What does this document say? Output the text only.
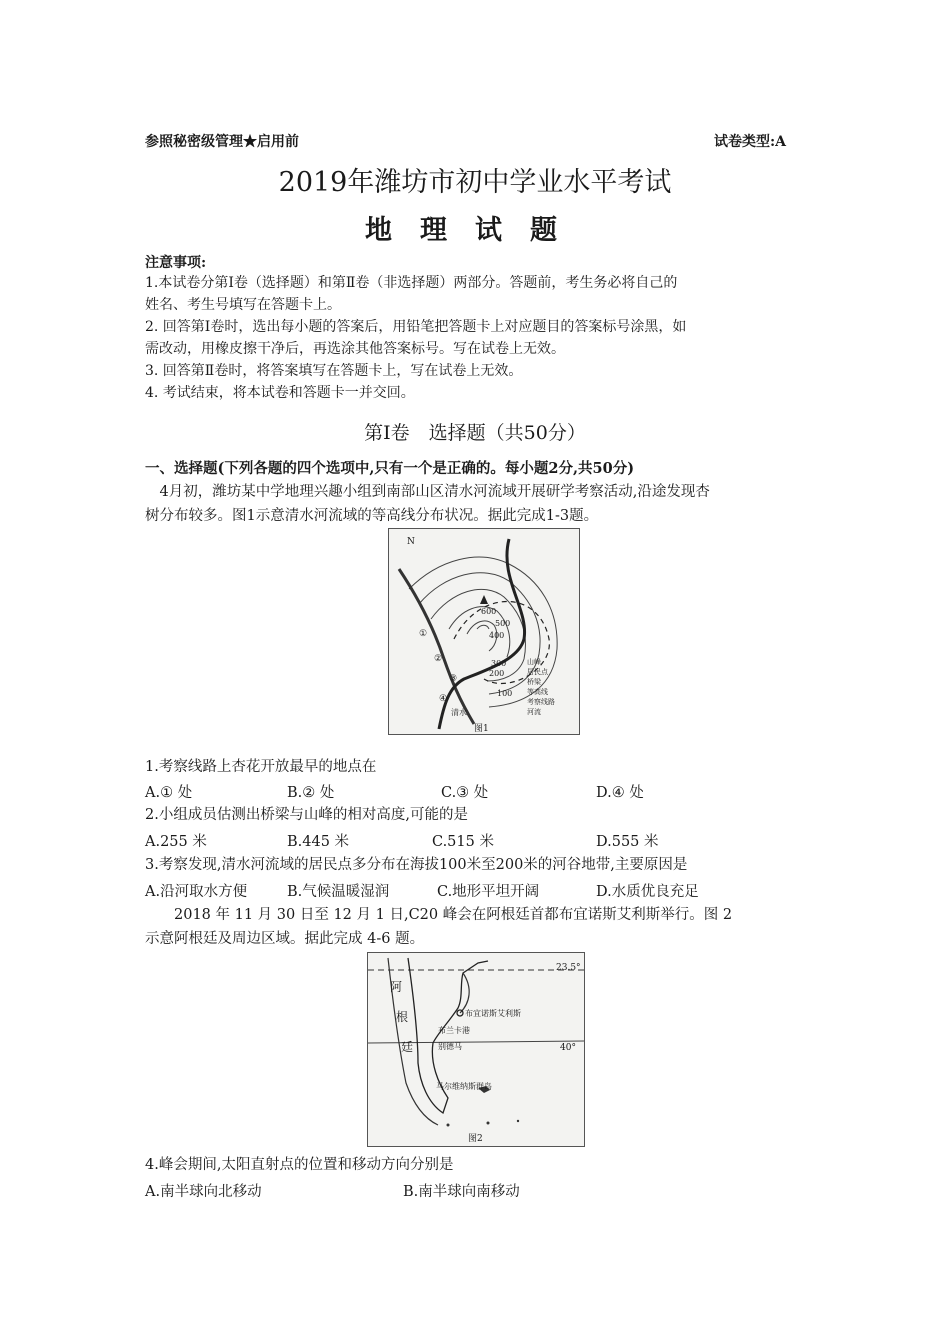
参照秘密级管理★启用前	试卷类型:A
2019年潍坊市初中学业水平考试
地理试题
注意事项:
1.本试卷分第Ⅰ卷（选择题）和第Ⅱ卷（非选择题）两部分。答题前，考生务必将自己的
姓名、考生号填写在答题卡上。
2. 回答第Ⅰ卷时，选出每小题的答案后，用铅笔把答题卡上对应题目的答案标号涂黑，如
需改动，用橡皮擦干净后，再选涂其他答案标号。写在试卷上无效。
3. 回答第Ⅱ卷时，将答案填写在答题卡上，写在试卷上无效。
4. 考试结束，将本试卷和答题卡一并交回。
第Ⅰ卷　选择题（共50分）
一、选择题(下列各题的四个选项中,只有一个是正确的。每小题2分,共50分)
　4月初，潍坊某中学地理兴趣小组到南部山区清水河流域开展研学考察活动,沿途发现杏
树分布较多。图1示意清水河流域的等高线分布状况。据此完成1-3题。
N
600
500
400
300
200
100
①
②
③
④
清水
山峰
居民点
桥梁
等高线
考察线路
河流
图1
1.考察线路上杏花开放最早的地点在
A.① 处	B.② 处	C.③ 处	D.④ 处
2.小组成员估测出桥梁与山峰的相对高度,可能的是
A.255 米	B.445 米	C.515 米	D.555 米
3.考察发现,清水河流域的居民点多分布在海拔100米至200米的河谷地带,主要原因是
A.沿河取水方便	B.气候温暖湿润	C.地形平坦开阔	D.水质优良充足
　　2018 年 11 月 30 日至 12 月 1 日,C20 峰会在阿根廷首都布宜诺斯艾利斯举行。图 2
示意阿根廷及周边区域。据此完成 4-6 题。
阿
根
廷
23.5°
40°
布宜诺斯艾利斯
布兰卡港
别德马
马尔维纳斯群岛
图2
4.峰会期间,太阳直射点的位置和移动方向分别是
A.南半球向北移动	B.南半球向南移动
